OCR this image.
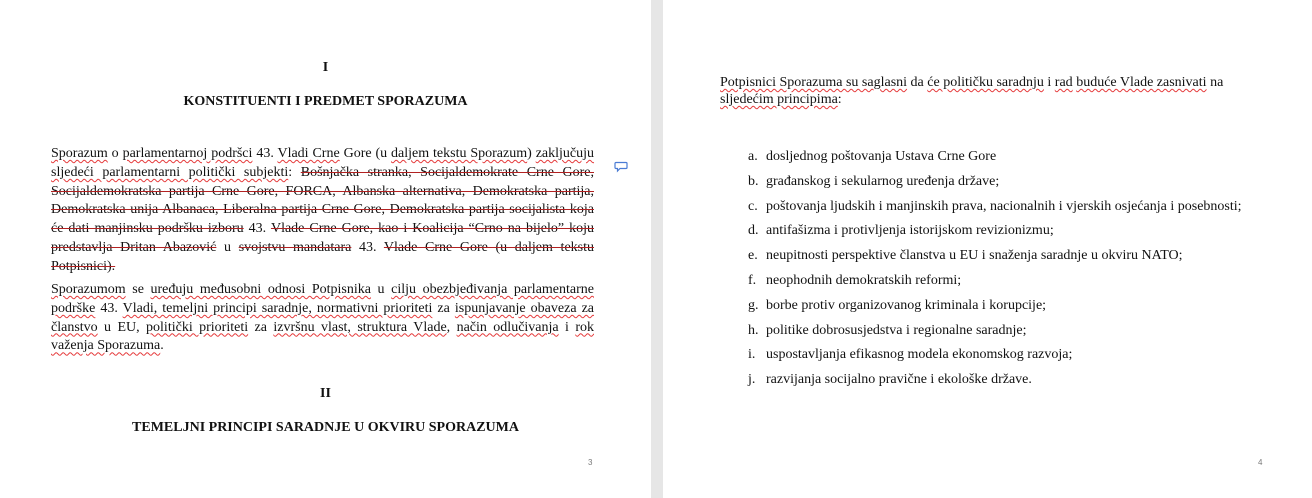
I
KONSTITUENTI I PREDMET SPORAZUMA
Sporazum o parlamentarnoj podršci 43. Vladi Crne Gore (u daljem tekstu Sporazum) zaključuju sljedeći parlamentarni politički subjekti: Bošnjačka stranka, Socijaldemokrate Crne Gore, Socijaldemokratska partija Crne Gore, FORCA, Albanska alternativa, Demokratska partija, Demokratska unija Albanaca, Liberalna partija Crne Gore, Demokratska partija socijalista koja će dati manjinsku podršku izboru 43. Vlade Crne Gore, kao i Koalicija “Crno na bijelo” koju predstavlja Dritan Abazović u svojstvu mandatara 43. Vlade Crne Gore (u daljem tekstu Potpisnici).
Sporazumom se uređuju međusobni odnosi Potpisnika u cilju obezbjeđivanja parlamentarne podrške 43. Vladi, temeljni principi saradnje, normativni prioriteti za ispunjavanje obaveza za članstvo u EU, politički prioriteti za izvršnu vlast, struktura Vlade, način odlučivanja i rok važenja Sporazuma.
II
TEMELJNI PRINCIPI SARADNJE U OKVIRU SPORAZUMA
3	4
Potpisnici Sporazuma su saglasni da će političku saradnju i rad buduće Vlade zasnivati na sljedećim principima:
a. dosljednog poštovanja Ustava Crne Gore
b. građanskog i sekularnog uređenja države;
c. poštovanja ljudskih i manjinskih prava, nacionalnih i vjerskih osjećanja i posebnosti;
d. antifašizma i protivljenja istorijskom revizionizmu;
e. neupitnosti perspektive članstva u EU i snaženja saradnje u okviru NATO;
f. neophodnih demokratskih reformi;
g. borbe protiv organizovanog kriminala i korupcije;
h. politike dobrosusjedstva i regionalne saradnje;
i. uspostavljanja efikasnog modela ekonomskog razvoja;
j. razvijanja socijalno pravične i ekološke države.
